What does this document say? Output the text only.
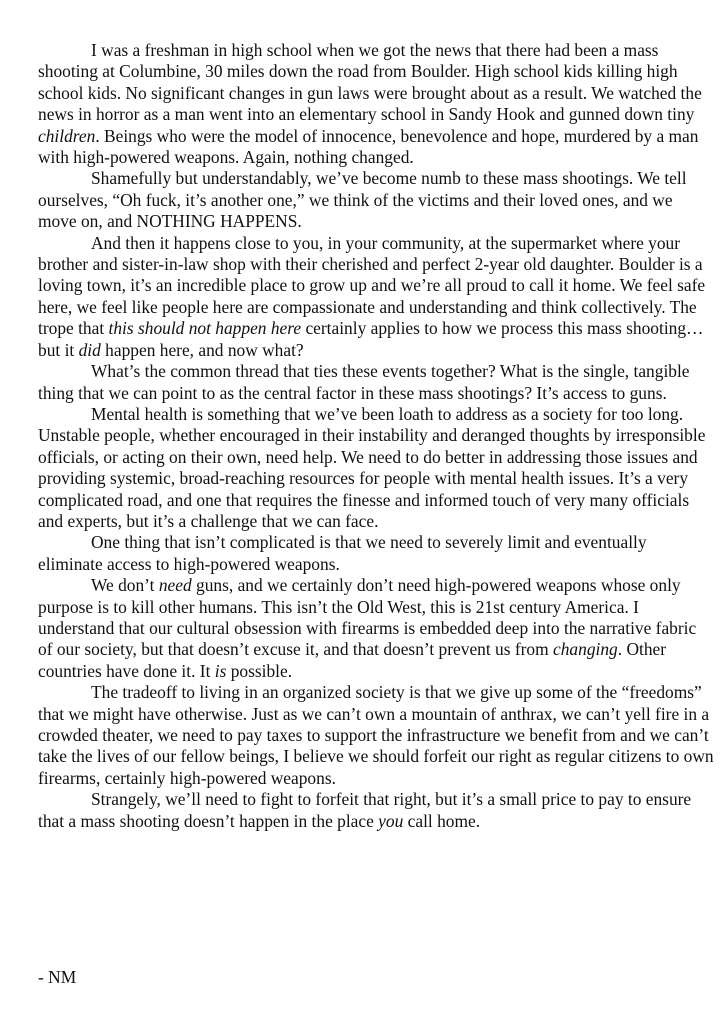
I was a freshman in high school when we got the news that there had been a mass shooting at Columbine, 30 miles down the road from Boulder. High school kids killing high school kids. No significant changes in gun laws were brought about as a result. We watched the news in horror as a man went into an elementary school in Sandy Hook and gunned down tiny children. Beings who were the model of innocence, benevolence and hope, murdered by a man with high-powered weapons. Again, nothing changed.

Shamefully but understandably, we’ve become numb to these mass shootings. We tell ourselves, “Oh fuck, it’s another one,” we think of the victims and their loved ones, and we move on, and NOTHING HAPPENS.

And then it happens close to you, in your community, at the supermarket where your brother and sister-in-law shop with their cherished and perfect 2-year old daughter. Boulder is a loving town, it’s an incredible place to grow up and we’re all proud to call it home. We feel safe here, we feel like people here are compassionate and understanding and think collectively. The trope that this should not happen here certainly applies to how we process this mass shooting… but it did happen here, and now what?

What’s the common thread that ties these events together? What is the single, tangible thing that we can point to as the central factor in these mass shootings? It’s access to guns.

Mental health is something that we’ve been loath to address as a society for too long. Unstable people, whether encouraged in their instability and deranged thoughts by irresponsible officials, or acting on their own, need help. We need to do better in addressing those issues and providing systemic, broad-reaching resources for people with mental health issues. It’s a very complicated road, and one that requires the finesse and informed touch of very many officials and experts, but it’s a challenge that we can face.

One thing that isn’t complicated is that we need to severely limit and eventually eliminate access to high-powered weapons.

We don’t need guns, and we certainly don’t need high-powered weapons whose only purpose is to kill other humans. This isn’t the Old West, this is 21st century America. I understand that our cultural obsession with firearms is embedded deep into the narrative fabric of our society, but that doesn’t excuse it, and that doesn’t prevent us from changing. Other countries have done it. It is possible.

The tradeoff to living in an organized society is that we give up some of the “freedoms” that we might have otherwise. Just as we can’t own a mountain of anthrax, we can’t yell fire in a crowded theater, we need to pay taxes to support the infrastructure we benefit from and we can’t take the lives of our fellow beings, I believe we should forfeit our right as regular citizens to own firearms, certainly high-powered weapons.

Strangely, we’ll need to fight to forfeit that right, but it’s a small price to pay to ensure that a mass shooting doesn’t happen in the place you call home.

- NM
